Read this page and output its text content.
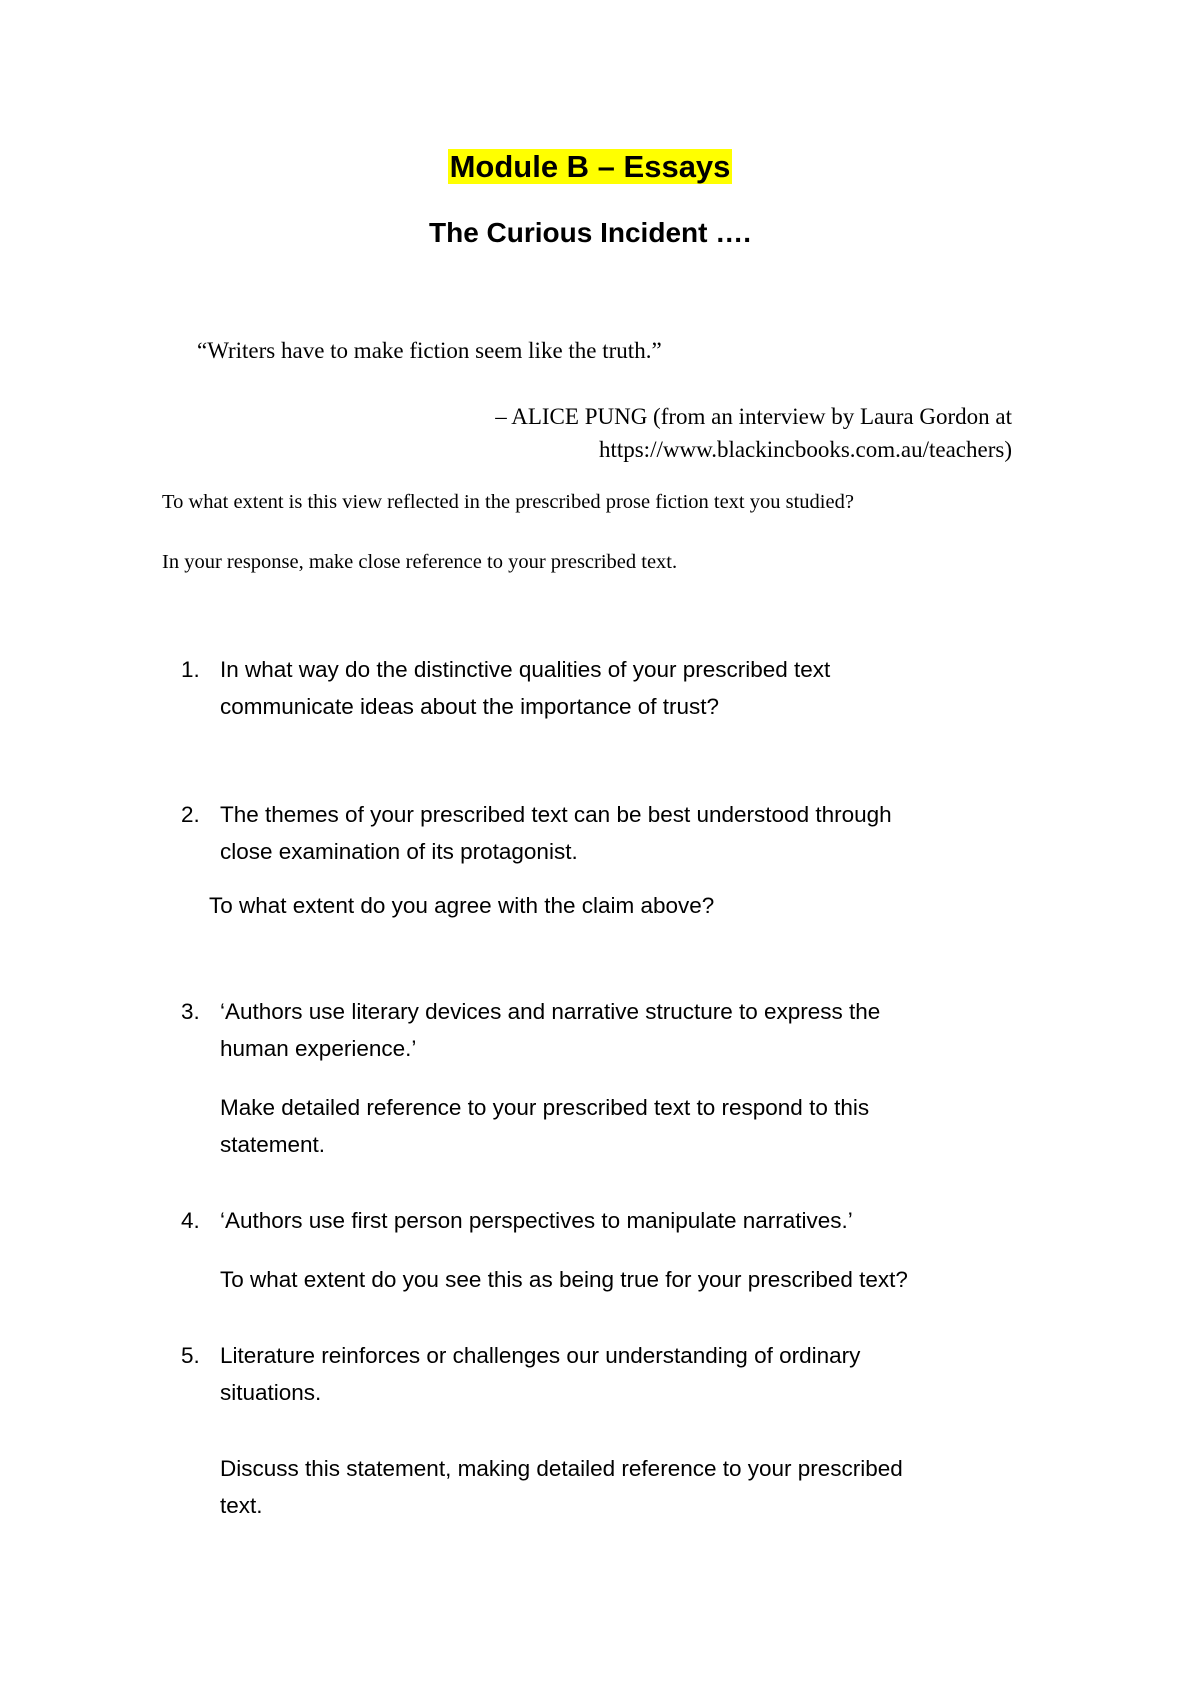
Module B – Essays
The Curious Incident ….

“Writers have to make fiction seem like the truth.”

– ALICE PUNG (from an interview by Laura Gordon at

https://www.blackincbooks.com.au/teachers)

To what extent is this view reflected in the prescribed prose fiction text you studied?

In your response, make close reference to your prescribed text.

1. In what way do the distinctive qualities of your prescribed text
communicate ideas about the importance of trust?
2. The themes of your prescribed text can be best understood through
close examination of its protagonist.
To what extent do you agree with the claim above?
3. ‘Authors use literary devices and narrative structure to express the
human experience.’
Make detailed reference to your prescribed text to respond to this
statement.
4. ‘Authors use first person perspectives to manipulate narratives.’
To what extent do you see this as being true for your prescribed text?
5. Literature reinforces or challenges our understanding of ordinary
situations.
Discuss this statement, making detailed reference to your prescribed
text.
